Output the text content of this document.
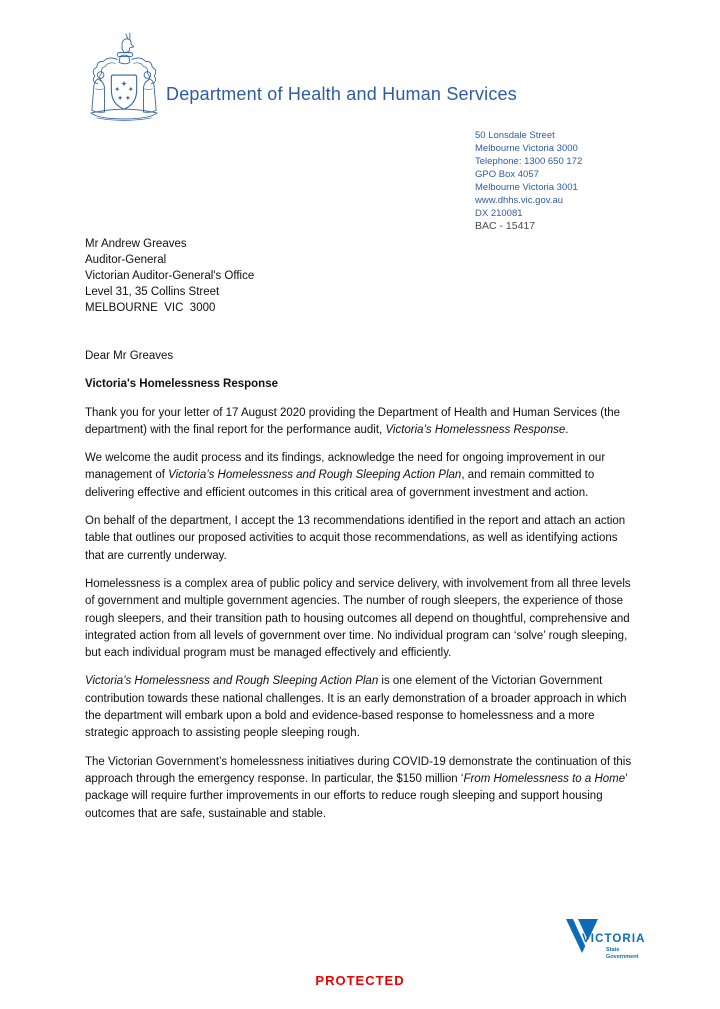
Department of Health and Human Services
50 Lonsdale Street
Melbourne Victoria 3000
Telephone: 1300 650 172
GPO Box 4057
Melbourne Victoria 3001
www.dhhs.vic.gov.au
DX 210081
BAC - 15417
Mr Andrew Greaves
Auditor-General
Victorian Auditor-General's Office
Level 31, 35 Collins Street
MELBOURNE  VIC  3000
Dear Mr Greaves
Victoria's Homelessness Response

Thank you for your letter of 17 August 2020 providing the Department of Health and Human Services (the department) with the final report for the performance audit, Victoria’s Homelessness Response.

We welcome the audit process and its findings, acknowledge the need for ongoing improvement in our management of Victoria’s Homelessness and Rough Sleeping Action Plan, and remain committed to delivering effective and efficient outcomes in this critical area of government investment and action.

On behalf of the department, I accept the 13 recommendations identified in the report and attach an action table that outlines our proposed activities to acquit those recommendations, as well as identifying actions that are currently underway.

Homelessness is a complex area of public policy and service delivery, with involvement from all three levels of government and multiple government agencies. The number of rough sleepers, the experience of those rough sleepers, and their transition path to housing outcomes all depend on thoughtful, comprehensive and integrated action from all levels of government over time. No individual program can ‘solve’ rough sleeping, but each individual program must be managed effectively and efficiently.

Victoria’s Homelessness and Rough Sleeping Action Plan is one element of the Victorian Government contribution towards these national challenges. It is an early demonstration of a broader approach in which the department will embark upon a bold and evidence-based response to homelessness and a more strategic approach to assisting people sleeping rough.

The Victorian Government’s homelessness initiatives during COVID-19 demonstrate the continuation of this approach through the emergency response. In particular, the $150 million ‘From Homelessness to a Home’ package will require further improvements in our efforts to reduce rough sleeping and support housing outcomes that are safe, sustainable and stable.

VICTORIA
State
Government
PROTECTED
